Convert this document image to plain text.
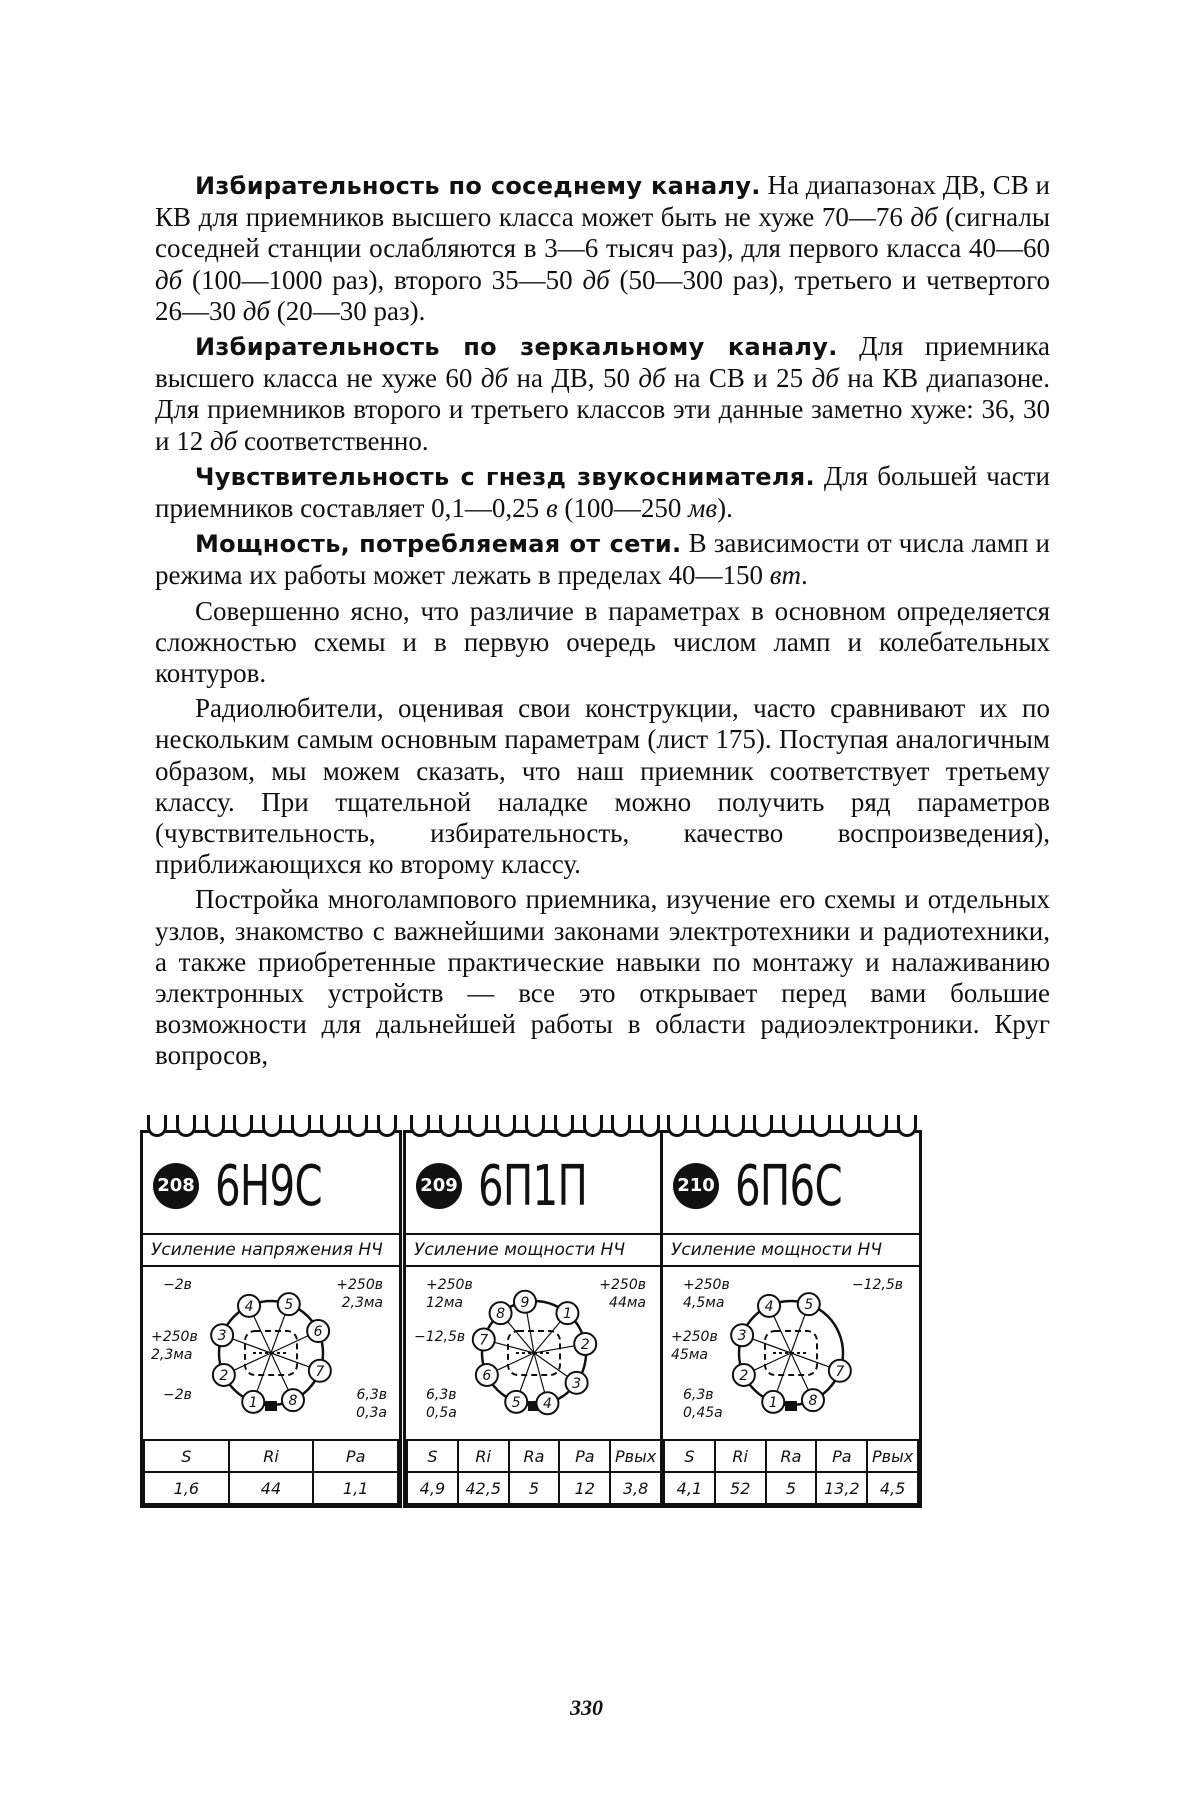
Избирательность по соседнему каналу. На диапазонах ДВ, СВ и КВ для приемников высшего класса может быть не хуже 70—76 дб (сигналы соседней станции ослабляются в 3—6 тысяч раз), для первого класса 40—60 дб (100—1000 раз), второго 35—50 дб (50—300 раз), третьего и четвертого 26—30 дб (20—30 раз).

Избирательность по зеркальному каналу. Для приемника высшего класса не хуже 60 дб на ДВ, 50 дб на СВ и 25 дб на КВ диапазоне. Для приемников второго и третьего классов эти данные заметно хуже: 36, 30 и 12 дб соответственно.

Чувствительность с гнезд звукоснимателя. Для большей части приемников составляет 0,1—0,25 в (100—250 мв).

Мощность, потребляемая от сети. В зависимости от числа ламп и режима их работы может лежать в пределах 40—150 вт.

Совершенно ясно, что различие в параметрах в основном определяется сложностью схемы и в первую очередь числом ламп и колебательных контуров.

Радиолюбители, оценивая свои конструкции, часто сравнивают их по нескольким самым основным параметрам (лист 175). Поступая аналогичным образом, мы можем сказать, что наш приемник соответствует третьему классу. При тщательной наладке можно получить ряд параметров (чувствительность, избирательность, качество воспроизведения), приближающихся ко второму классу.

Постройка многолампового приемника, изучение его схемы и отдельных узлов, знакомство с важнейшими законами электротехники и радиотехники, а также приобретенные практические навыки по монтажу и налаживанию электронных устройств — все это открывает перед вами большие возможности для дальнейшей работы в области радиоэлектроники. Круг вопросов,

208 6Н9С
Усиление напряжения НЧ
1 8
7
6
5
4
3
2
−2в	+250в
2,3ма
+250в
2,3ма
−2в	6,3в
0,3а
S	Ri	Pa
1,6	44	1,1
209 6П1П
Усиление мощности НЧ
9
1
2
3
4
5
6
7
8
+250в
12ма
+250в
44ма
−12,5в
6,3в
0,5а
S	Ri	Ra	Pa	Pвых
4,9	42,5	5	12	3,8
210 6П6С
Усиление мощности НЧ
4 5
3
2	7
1 8
+250в
4,5ма
−12,5в
+250в
45ма
6,3в
0,45а
S	Ri	Ra	Pa	Pвых
4,1	52	5	13,2	4,5
330
